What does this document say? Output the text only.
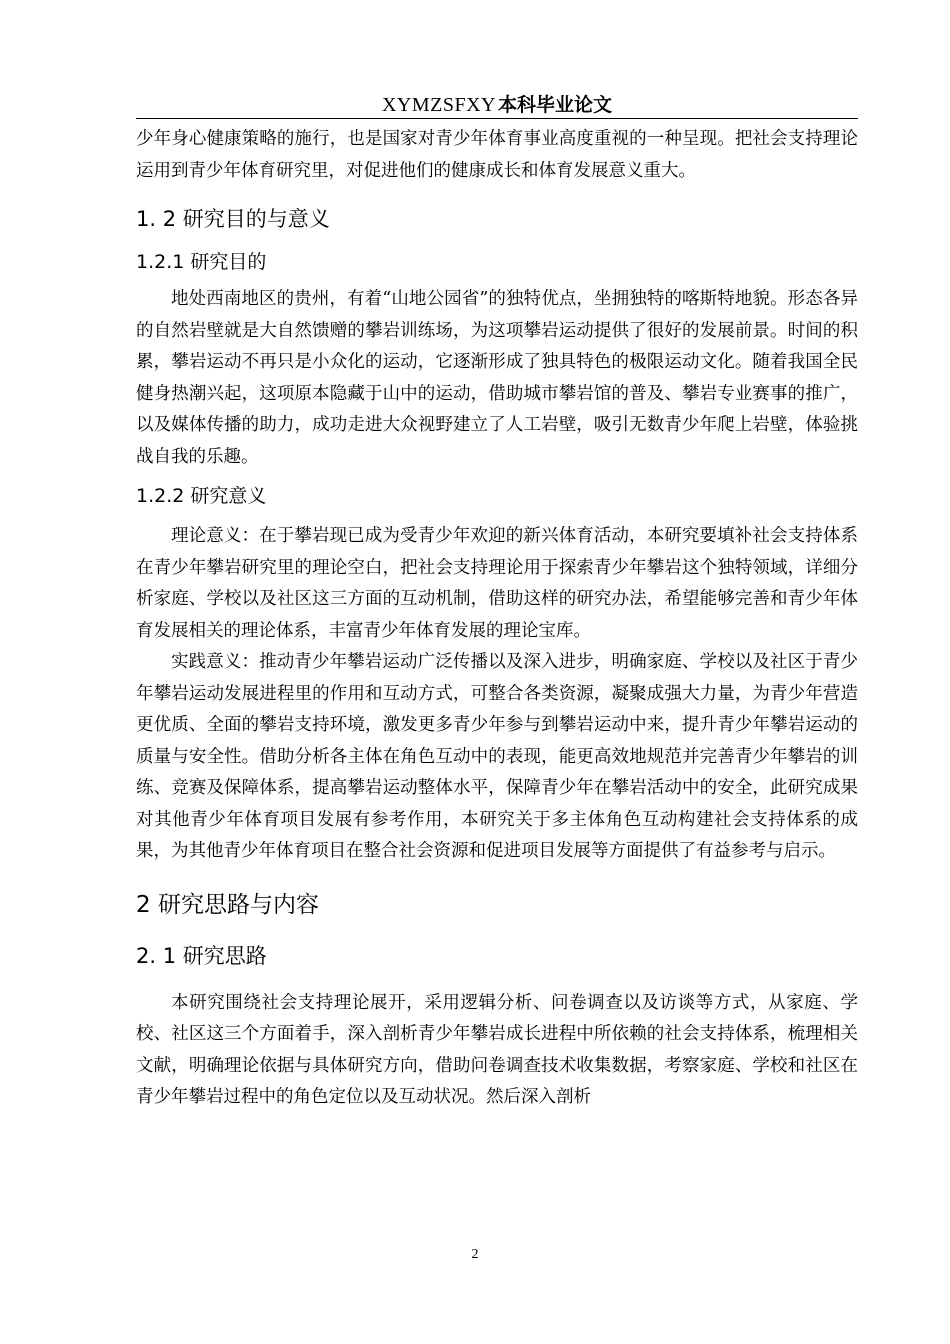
XYMZSFXY 本科毕业论文

少年身心健康策略的施行，也是国家对青少年体育事业高度重视的一种呈现。把社会支持理论运用到青少年体育研究里，对促进他们的健康成长和体育发展意义重大。

1. 2 研究目的与意义
1.2.1 研究目的

地处西南地区的贵州，有着“山地公园省”的独特优点，坐拥独特的喀斯特地貌。形态各异的自然岩壁就是大自然馈赠的攀岩训练场，为这项攀岩运动提供了很好的发展前景。时间的积累，攀岩运动不再只是小众化的运动，它逐渐形成了独具特色的极限运动文化。随着我国全民健身热潮兴起，这项原本隐藏于山中的运动，借助城市攀岩馆的普及、攀岩专业赛事的推广，以及媒体传播的助力，成功走进大众视野建立了人工岩壁，吸引无数青少年爬上岩壁，体验挑战自我的乐趣。

1.2.2 研究意义

理论意义：在于攀岩现已成为受青少年欢迎的新兴体育活动，本研究要填补社会支持体系在青少年攀岩研究里的理论空白，把社会支持理论用于探索青少年攀岩这个独特领域，详细分析家庭、学校以及社区这三方面的互动机制，借助这样的研究办法，希望能够完善和青少年体育发展相关的理论体系，丰富青少年体育发展的理论宝库。

实践意义：推动青少年攀岩运动广泛传播以及深入进步，明确家庭、学校以及社区于青少年攀岩运动发展进程里的作用和互动方式，可整合各类资源，凝聚成强大力量，为青少年营造更优质、全面的攀岩支持环境，激发更多青少年参与到攀岩运动中来，提升青少年攀岩运动的质量与安全性。借助分析各主体在角色互动中的表现，能更高效地规范并完善青少年攀岩的训练、竞赛及保障体系，提高攀岩运动整体水平，保障青少年在攀岩活动中的安全，此研究成果对其他青少年体育项目发展有参考作用，本研究关于多主体角色互动构建社会支持体系的成果，为其他青少年体育项目在整合社会资源和促进项目发展等方面提供了有益参考与启示。

2 研究思路与内容
2. 1 研究思路

本研究围绕社会支持理论展开，采用逻辑分析、问卷调查以及访谈等方式，从家庭、学校、社区这三个方面着手，深入剖析青少年攀岩成长进程中所依赖的社会支持体系，梳理相关文献，明确理论依据与具体研究方向，借助问卷调查技术收集数据，考察家庭、学校和社区在青少年攀岩过程中的角色定位以及互动状况。然后深入剖析

2
